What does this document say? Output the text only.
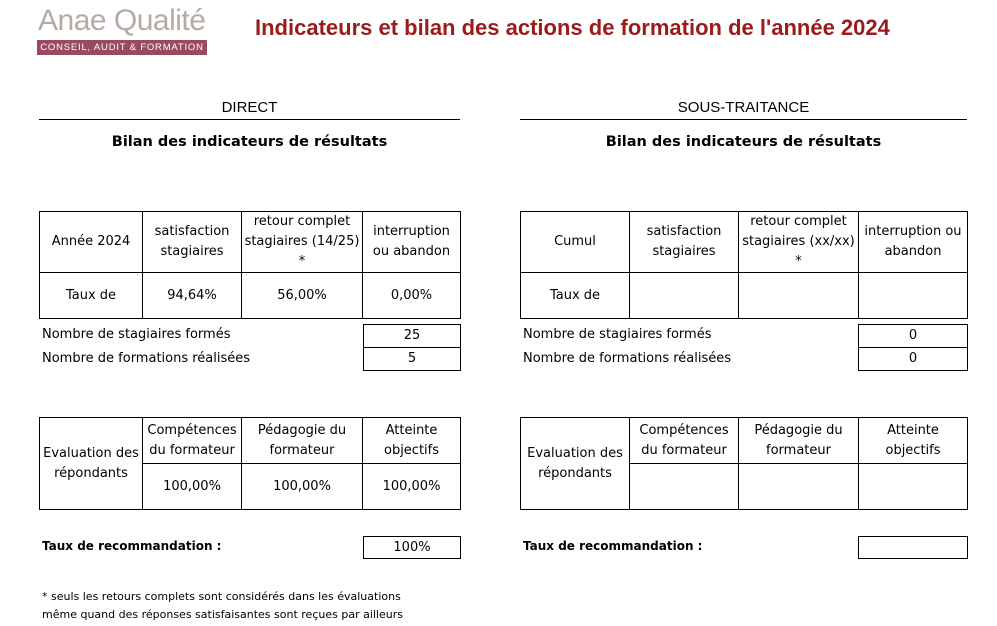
Anae Qualité
CONSEIL, AUDIT & FORMATION
Indicateurs et bilan des actions de formation de l'année 2024
DIRECT
Bilan des indicateurs de résultats
Année 2024	satisfaction stagiaires	retour complet stagiaires (14/25) *	interruption ou abandon
Taux de	94,64%	56,00%	0,00%
Nombre de stagiaires formés	25
Nombre de formations réalisées	5
Evaluation des répondants	Compétences du formateur	Pédagogie du formateur	Atteinte objectifs
	100,00%	100,00%	100,00%
Taux de recommandation :	100%
SOUS-TRAITANCE
Bilan des indicateurs de résultats
Cumul	satisfaction stagiaires	retour complet stagiaires (xx/xx) *	interruption ou abandon
Taux de			
Nombre de stagiaires formés	0
Nombre de formations réalisées	0
Evaluation des répondants	Compétences du formateur	Pédagogie du formateur	Atteinte objectifs

Taux de recommandation :
* seuls les retours complets sont considérés dans les évaluations
même quand des réponses satisfaisantes sont reçues par ailleurs
